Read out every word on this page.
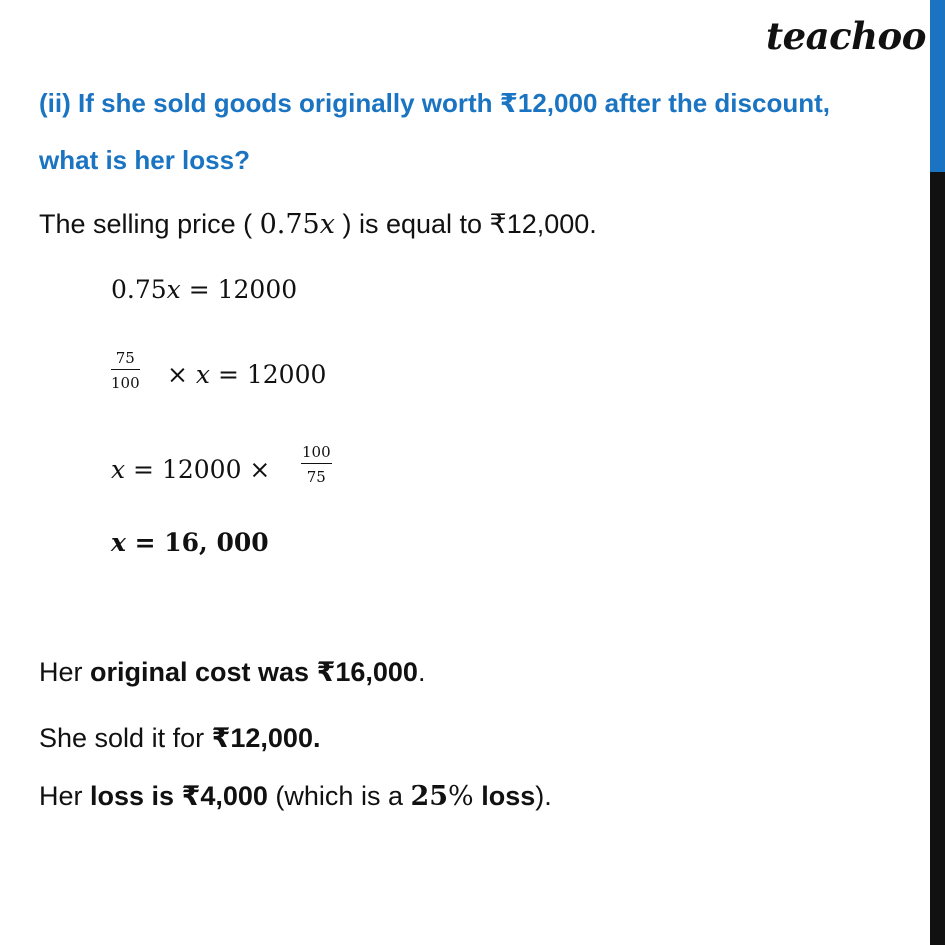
teachoo
(ii) If she sold goods originally worth ₹12,000 after the discount,
what is her loss?
The selling price ( 0.75x ) is equal to ₹12,000.
0.75x = 12000
$\frac{75}{100} \times x = 12000$
$x = 12000 \times \frac{100}{75}$
x = 16, 000
Her original cost was ₹16,000.
She sold it for ₹12,000.
Her loss is ₹4,000 (which is a 25% loss).
